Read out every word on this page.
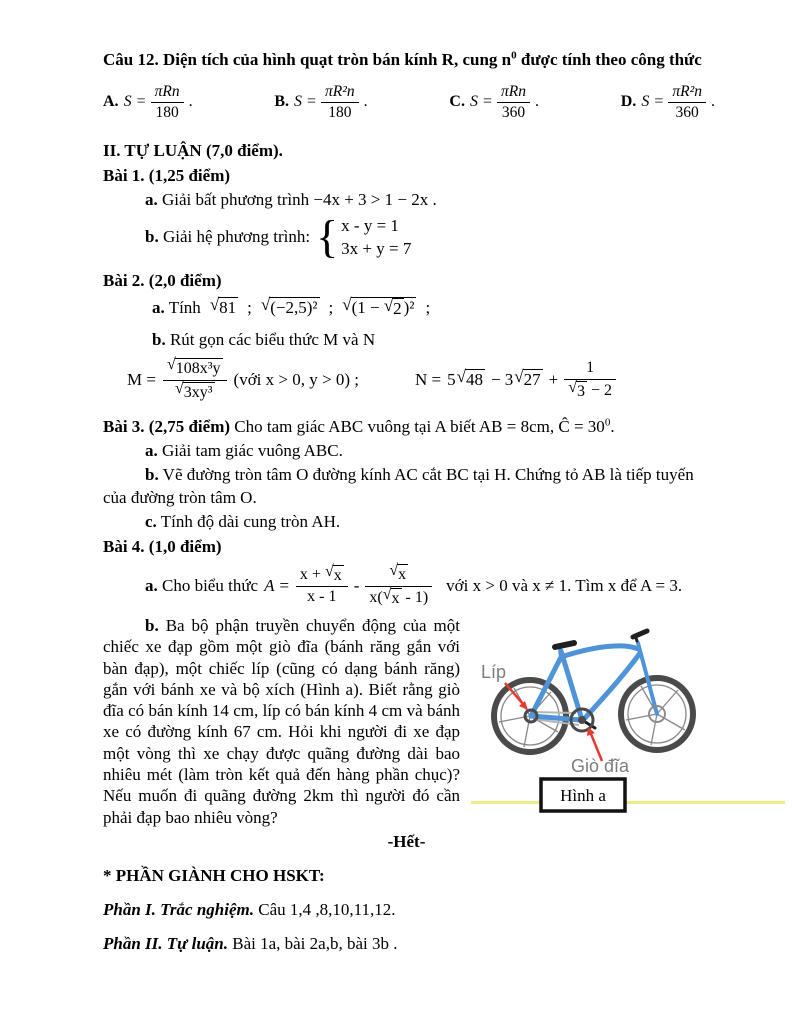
Câu 12. Diện tích của hình quạt tròn bán kính R, cung $n^0$ được tính theo công thức
A. $S = \frac{\text{πRn}}{180}$ .	B. $S = \frac{\text{πR²n}}{180}$ .	C. $S = \frac{\text{πRn}}{360}$ .	D. $S = \frac{\text{πR²n}}{360}$ .
II. TỰ LUẬN (7,0 điểm).
Bài 1. (1,25 điểm)
a. Giải bất phương trình −4x + 3 > 1 − 2x .
b. Giải hệ phương trình: { x - y = 1
3x + y = 7
Bài 2. (2,0 điểm)
a. Tính √ 81 ; √ (−2,5)² ; √ (1 − √ 2 )² ;
b. Rút gọn các biểu thức M và N
$M = \frac{\text{√ 108x³y}}{\text{√ 3xy³}}$ (với x > 0, y > 0) ;	N = 5 √ 48 − 3 √ $27 + \frac{1}{√ 3 - 2}$
Bài 3. (2,75 điểm) Cho tam giác ABC vuông tại A biết AB = 8cm, Ĉ = $30^0$.
a. Giải tam giác vuông ABC.
b. Vẽ đường tròn tâm O đường kính AC cắt BC tại H. Chứng tỏ AB là tiếp tuyến của đường tròn tâm O.
c. Tính độ dài cung tròn AH.
Bài 4. (1,0 điểm)
a. Cho biểu thức $A = \frac{x + √ x}{x - 1} - \frac{√ x}{x( √ x - 1)}$ với x > 0 và x ≠ 1. Tìm x để A = 3.

b. Ba bộ phận truyền chuyển động của một chiếc xe đạp gồm một giò đĩa (bánh răng gắn với bàn đạp), một chiếc líp (cũng có dạng bánh răng) gắn với bánh xe và bộ xích (Hình a). Biết rằng giò đĩa có bán kính 14 cm, líp có bán kính 4 cm và bánh xe có đường kính 67 cm. Hỏi khi người đi xe đạp một vòng thì xe chạy được quãng đường dài bao nhiêu mét (làm tròn kết quả đến hàng phần chục)? Nếu muốn đi quãng đường 2km thì người đó cần phải đạp bao nhiêu vòng?

Líp
Giò đĩa
Hình a
-Hết-
* PHẦN GIÀNH CHO HSKT:
Phần I. Trắc nghiệm. Câu 1,4 ,8,10,11,12.
Phần II. Tự luận. Bài 1a, bài 2a,b, bài 3b .
